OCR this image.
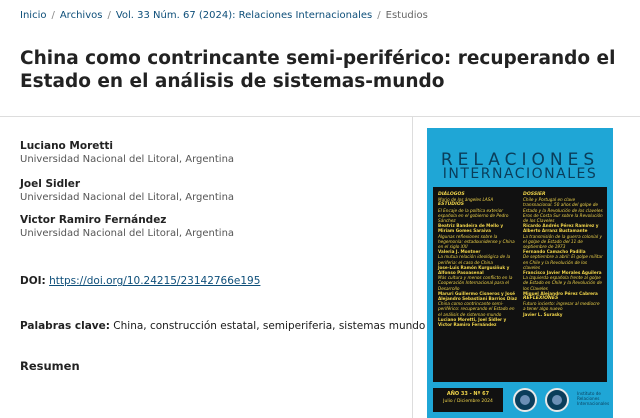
Inicio / Archivos / Vol. 33 Núm. 67 (2024): Relaciones Internacionales / Estudios
China como contrincante semi-periférico: recuperando el Estado en el análisis de sistemas-mundo
Luciano Moretti
Universidad Nacional del Litoral, Argentina
Joel Sidler
Universidad Nacional del Litoral, Argentina
Victor Ramiro Fernández
Universidad Nacional del Litoral, Argentina
DOI: https://doi.org/10.24215/23142766e195
Palabras clave: China, construcción estatal, semiperiferia, sistemas mundo
Resumen
RELACIONES
INTERNACIONALES
DIÁLOGOS
Mario de los ángeles LASA
ESTUDIOS
El Encaje de la política exterior española en el gobierno de Pedro Sánchez
Beatriz Bandeira de Mello y Miriam Gomes Saraiva
Algunas reflexiones sobre la hegemonía: estadounidense y China en el siglo XXI
Valeria J. Montner
La mutua relación ideológica de la periferia: el caso de China
Jose-Luis Ramón Kurgusiñuk y Alfonso Pasoasenal
Más cultura y menos conflicto en la Cooperación Internacional para el Desarrollo
Maruri Guillermo Cisneros y José Alejandro Sebastiani Barrios Díaz
China como contrincante semi-periférico: recuperando el Estado en el análisis de sistemas-mundo
Luciano Moretti, Joel Sidler y Victor Ramiro Fernández
DOSSIER
Chile y Portugal en clave transnacional. 50 años del golpe de Estado y la Revolución de los claveles
Eros de Costa Sur sobre la Revolución de los Claveles
Ricardo Andrés Pérez Ramírez y Alberto Arranz Bustamante
La transmisión de la guerra colonial y el golpe de Estado del 11 de septiembre de 1973
Fernando Camacho Padilla
De septiembre a abril: El golpe militar en Chile y la Revolución de los claveles
Francisco Javier Morales Aguilera
La izquierda española frente al golpe de Estado en Chile y la Revolución de los Claveles
Miguel Alejandro Pérez Cabrera
REFLEXIONES
Futuro incierto: ingresar al mediocre a tener algo nuevo
Javier L. Surasky
AÑO 33 - Nº 67
Julio / Diciembre 2024
Instituto de
Relaciones
Internacionales
